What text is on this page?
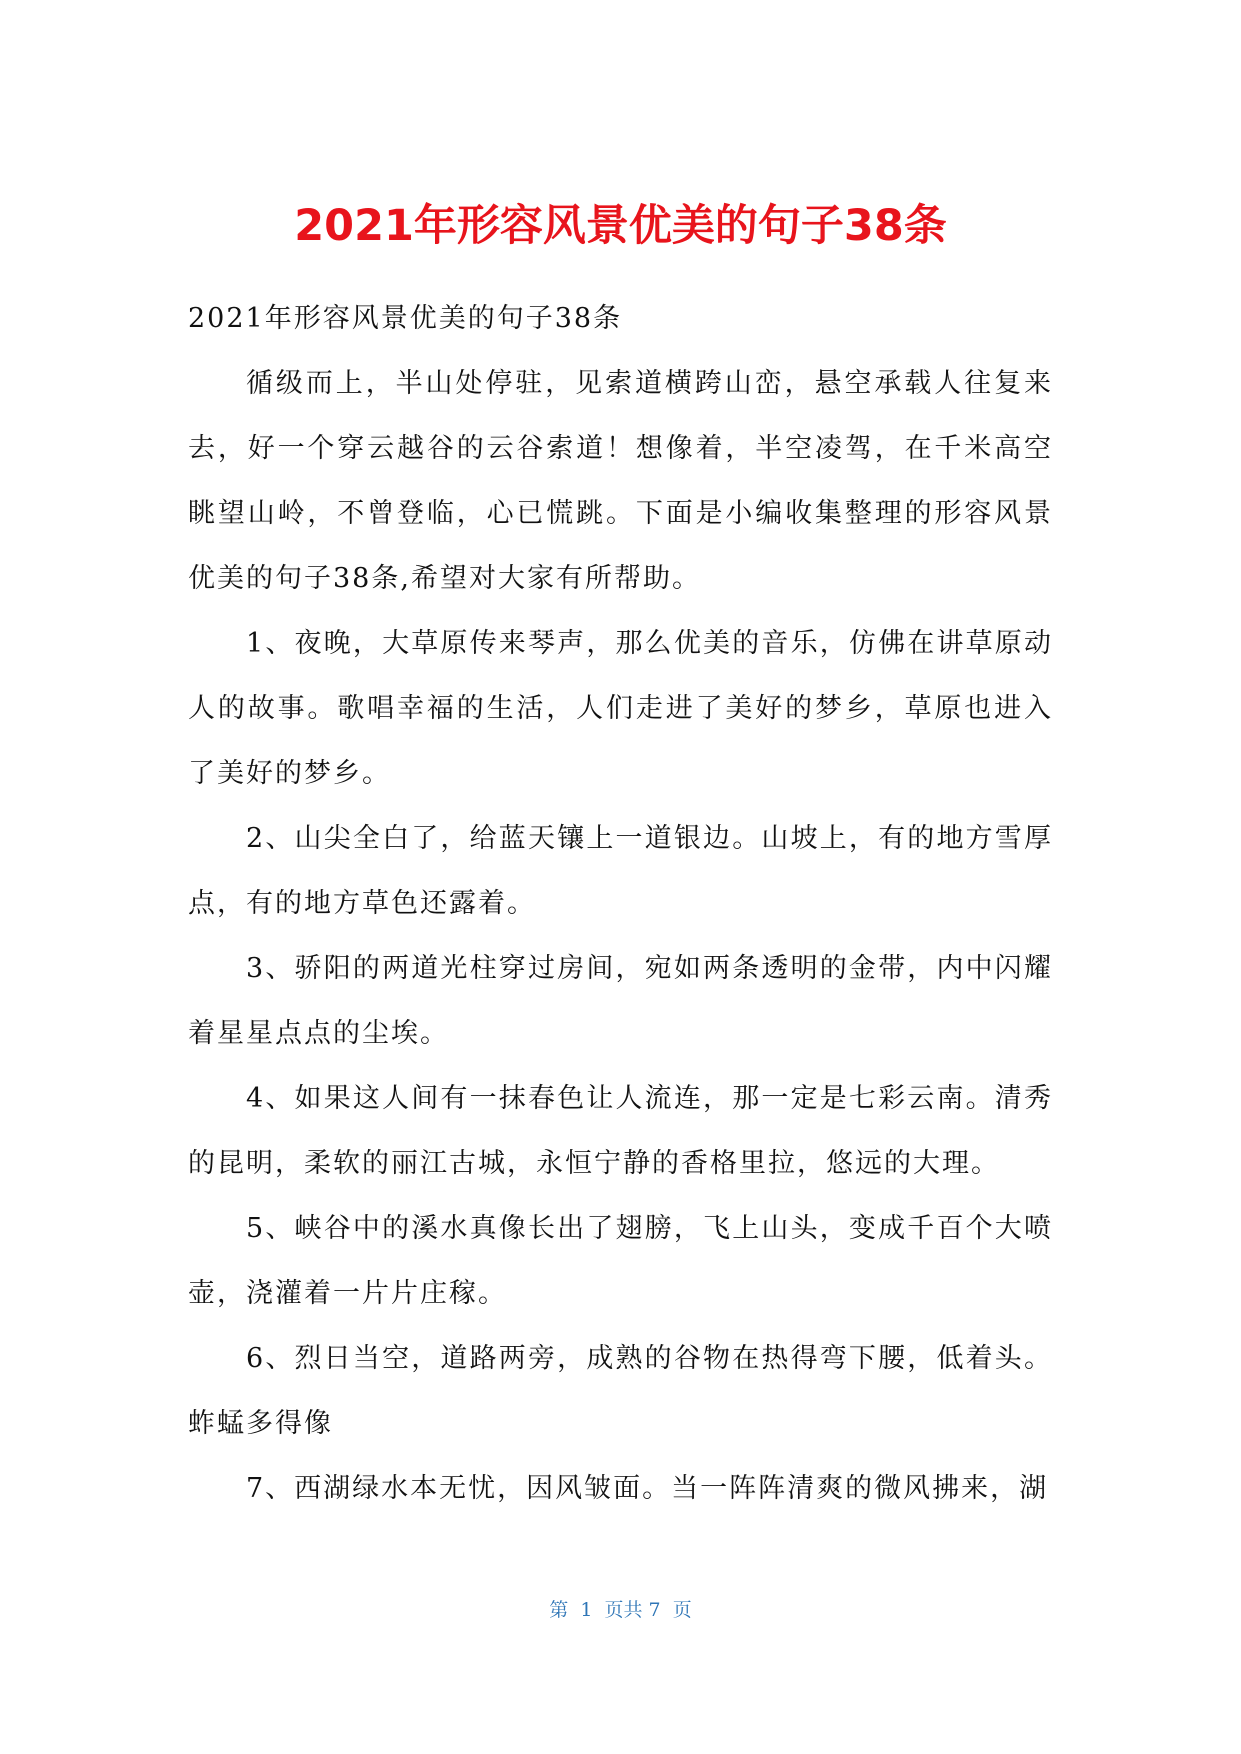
2021年形容风景优美的句子38条

2021年形容风景优美的句子38条

循级而上，半山处停驻，见索道横跨山峦，悬空承载人往复来去，好一个穿云越谷的云谷索道！想像着，半空凌驾，在千米高空眺望山岭，不曾登临，心已慌跳。下面是小编收集整理的形容风景优美的句子38条,希望对大家有所帮助。

1、夜晚，大草原传来琴声，那么优美的音乐，仿佛在讲草原动人的故事。歌唱幸福的生活，人们走进了美好的梦乡，草原也进入了美好的梦乡。

2、山尖全白了，给蓝天镶上一道银边。山坡上，有的地方雪厚点，有的地方草色还露着。

3、骄阳的两道光柱穿过房间，宛如两条透明的金带，内中闪耀着星星点点的尘埃。

4、如果这人间有一抹春色让人流连，那一定是七彩云南。清秀的昆明，柔软的丽江古城，永恒宁静的香格里拉，悠远的大理。

5、峡谷中的溪水真像长出了翅膀，飞上山头，变成千百个大喷壶，浇灌着一片片庄稼。

6、烈日当空，道路两旁，成熟的谷物在热得弯下腰，低着头。蚱蜢多得像

7、西湖绿水本无忧，因风皱面。当一阵阵清爽的微风拂来，湖

第  1  页共 7  页
